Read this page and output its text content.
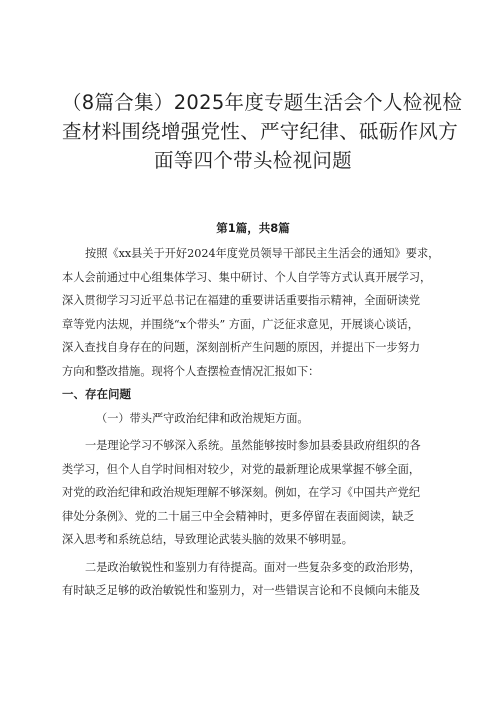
（8篇合集）2025年度专题生活会个人检视检
查材料围绕增强党性、严守纪律、砥砺作风方
面等四个带头检视问题
第1篇，共8篇
按照《xx县关于开好2024年度党员领导干部民主生活会的通知》要求，
本人会前通过中心组集体学习、集中研讨、个人自学等方式认真开展学习，
深入贯彻学习习近平总书记在福建的重要讲话重要指示精神，全面研读党
章等党内法规，并围绕“x个带头” 方面，广泛征求意见，开展谈心谈话，
深入查找自身存在的问题，深刻剖析产生问题的原因，并提出下一步努力
方向和整改措施。现将个人查摆检查情况汇报如下：
一、存在问题
（一）带头严守政治纪律和政治规矩方面。
一是理论学习不够深入系统。虽然能够按时参加县委县政府组织的各
类学习，但个人自学时间相对较少，对党的最新理论成果掌握不够全面，
对党的政治纪律和政治规矩理解不够深刻。例如，在学习《中国共产党纪
律处分条例》、党的二十届三中全会精神时，更多停留在表面阅读，缺乏
深入思考和系统总结，导致理论武装头脑的效果不够明显。
二是政治敏锐性和鉴别力有待提高。面对一些复杂多变的政治形势，
有时缺乏足够的政治敏锐性和鉴别力，对一些错误言论和不良倾向未能及
